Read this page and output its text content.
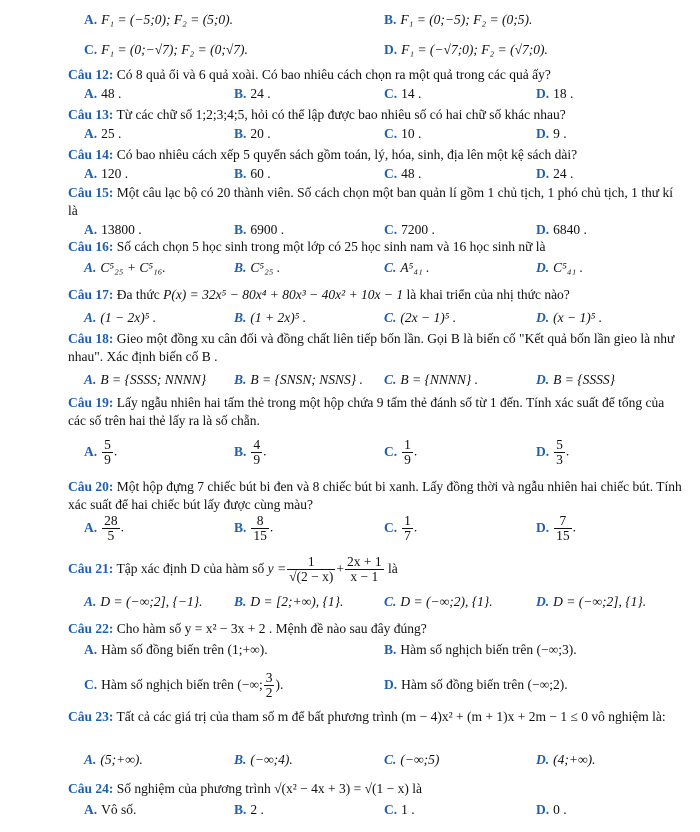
A. F₁ = (−5;0); F₂ = (5;0).	B. F₁ = (0;−5); F₂ = (0;5).
C. F₁ = (0;−√7); F₂ = (0;√7).	D. F₁ = (−√7;0); F₂ = (√7;0).
Câu 12: Có 8 quả ổi và 6 quả xoài. Có bao nhiêu cách chọn ra một quả trong các quả ấy?
A. 48 .	B. 24 .	C. 14 .	D. 18 .
Câu 13: Từ các chữ số 1;2;3;4;5, hỏi có thể lập được bao nhiêu số có hai chữ số khác nhau?
A. 25 .	B. 20 .	C. 10 .	D. 9 .
Câu 14: Có bao nhiêu cách xếp 5 quyển sách gồm toán, lý, hóa, sinh, địa lên một kệ sách dài?
A. 120 .	B. 60 .	C. 48 .	D. 24 .
Câu 15: Một câu lạc bộ có 20 thành viên. Số cách chọn một ban quản lí gồm 1 chủ tịch, 1 phó chủ tịch, 1 thư kí là
A. 13800 .	B. 6900 .	C. 7200 .	D. 6840 .
Câu 16: Số cách chọn 5 học sinh trong một lớp có 25 học sinh nam và 16 học sinh nữ là
A. C⁵₂₅ + C⁵₁₆.	B. C⁵₂₅ .	C. A⁵₄₁ .	D. C⁵₄₁ .
Câu 17: Đa thức P(x) = 32x⁵ − 80x⁴ + 80x³ − 40x² + 10x − 1 là khai triển của nhị thức nào?
A. (1 − 2x)⁵ .	B. (1 + 2x)⁵ .	C. (2x − 1)⁵ .	D. (x − 1)⁵ .
Câu 18: Gieo một đồng xu cân đối và đồng chất liên tiếp bốn lần. Gọi B là biến cố "Kết quả bốn lần gieo là như nhau". Xác định biến cố B .
A. B = {SSSS; NNNN} B. B = {SNSN; NSNS} . C. B = {NNNN} .	D. B = {SSSS}
Câu 19: Lấy ngẫu nhiên hai tấm thẻ trong một hộp chứa 9 tấm thẻ đánh số từ 1 đến. Tính xác suất để tổng của các số trên hai thẻ lấy ra là số chẵn.
A. $\frac{5}{9}$ .	B. $\frac{4}{9}$ .	C. $\frac{1}{9}$ .	D. $\frac{5}{3}$ .
Câu 20: Một hộp đựng 7 chiếc bút bi đen và 8 chiếc bút bi xanh. Lấy đồng thời và ngẫu nhiên hai chiếc bút. Tính xác suất để hai chiếc bút lấy được cùng màu?
A. $\frac{28}{5}$ .	B. $\frac{8}{15}$ .	C. $\frac{1}{7}$ .	D. $\frac{7}{15}$ .
Câu 21: Tập xác định D của hàm số $y = \frac{1}{√(2 - x)} + \frac{2x + 1}{x - 1}$ là
A. D = (−∞;2], {−1}. B. D = [2;+∞), {1}.	C. D = (−∞;2), {1}.	D. D = (−∞;2], {1}.
Câu 22: Cho hàm số y = x² − 3x + 2 . Mệnh đề nào sau đây đúng?
A. Hàm số đồng biến trên (1;+∞).	B. Hàm số nghịch biến trên (−∞;3).
C. Hàm số nghịch biến trên (−∞; $\frac{3}{2}$ ).	D. Hàm số đồng biến trên (−∞;2).
Câu 23: Tất cả các giá trị của tham số m để bất phương trình (m − 4)x² + (m + 1)x + 2m − 1 ≤ 0 vô nghiệm là:
A. (5;+∞).	B. (−∞;4).	C. (−∞;5)	D. (4;+∞).
Câu 24: Số nghiệm của phương trình √(x² − 4x + 3) = √(1 − x) là
A. Vô số.	B. 2 .	C. 1 .	D. 0 .
